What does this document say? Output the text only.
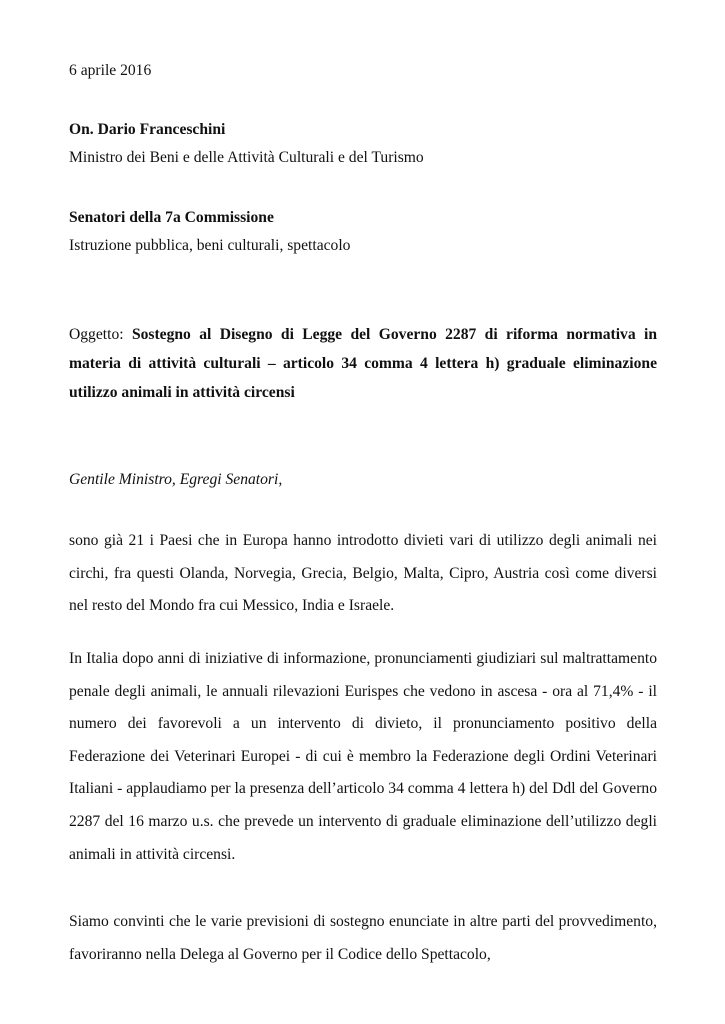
6 aprile 2016
On. Dario Franceschini
Ministro dei Beni e delle Attività Culturali e del Turismo
Senatori della 7a Commissione
Istruzione pubblica, beni culturali, spettacolo

Oggetto: Sostegno al Disegno di Legge del Governo 2287 di riforma normativa in materia di attività culturali – articolo 34 comma 4 lettera h) graduale eliminazione utilizzo animali in attività circensi

Gentile Ministro, Egregi Senatori,

sono già 21 i Paesi che in Europa hanno introdotto divieti vari di utilizzo degli animali nei circhi, fra questi Olanda, Norvegia, Grecia, Belgio, Malta, Cipro, Austria così come diversi nel resto del Mondo fra cui Messico, India e Israele.

In Italia dopo anni di iniziative di informazione, pronunciamenti giudiziari sul maltrattamento penale degli animali, le annuali rilevazioni Eurispes che vedono in ascesa - ora al 71,4% - il numero dei favorevoli a un intervento di divieto, il pronunciamento positivo della Federazione dei Veterinari Europei - di cui è membro la Federazione degli Ordini Veterinari Italiani - applaudiamo per la presenza dell’articolo 34 comma 4 lettera h) del Ddl del Governo 2287 del 16 marzo u.s. che prevede un intervento di graduale eliminazione dell’utilizzo degli animali in attività circensi.

Siamo convinti che le varie previsioni di sostegno enunciate in altre parti del provvedimento, favoriranno nella Delega al Governo per il Codice dello Spettacolo,
